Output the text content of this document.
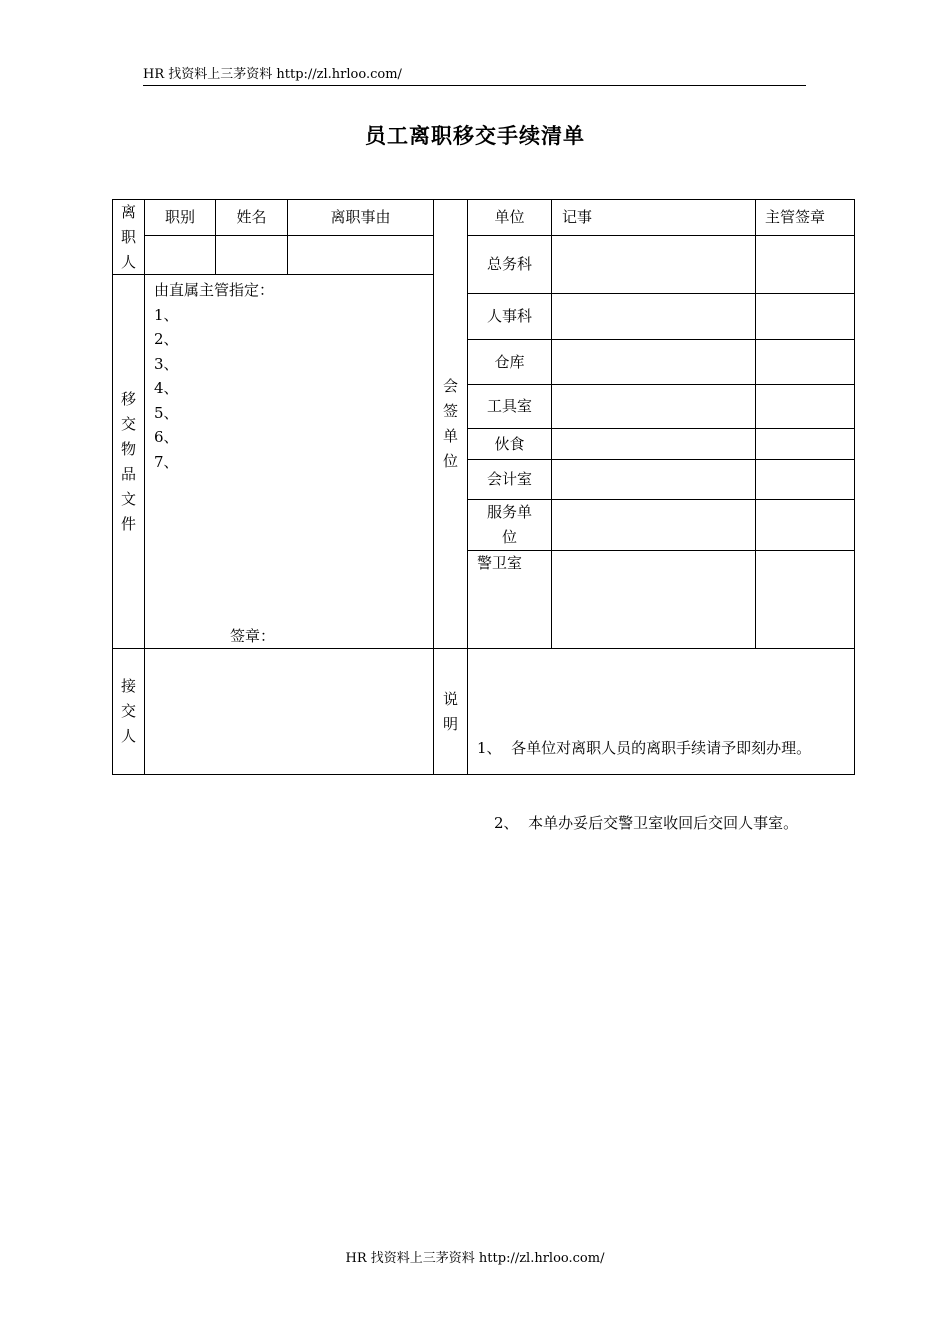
HR 找资料上三茅资料 http://zl.hrloo.com/
员工离职移交手续清单
离职人
职别	姓名	离职事由
移交物品文件
由直属主管指定：
1、
2、
3、
4、
5、
6、
7、
签章：
会签单位
单位	记事	主管签章
总务科
人事科
仓库
工具室
伙食
会计室
服务单位
警卫室
接交人
说明

1、  各单位对离职人员的离职手续请予即刻办理。

2、  本单办妥后交警卫室收回后交回人事室。

HR 找资料上三茅资料 http://zl.hrloo.com/
